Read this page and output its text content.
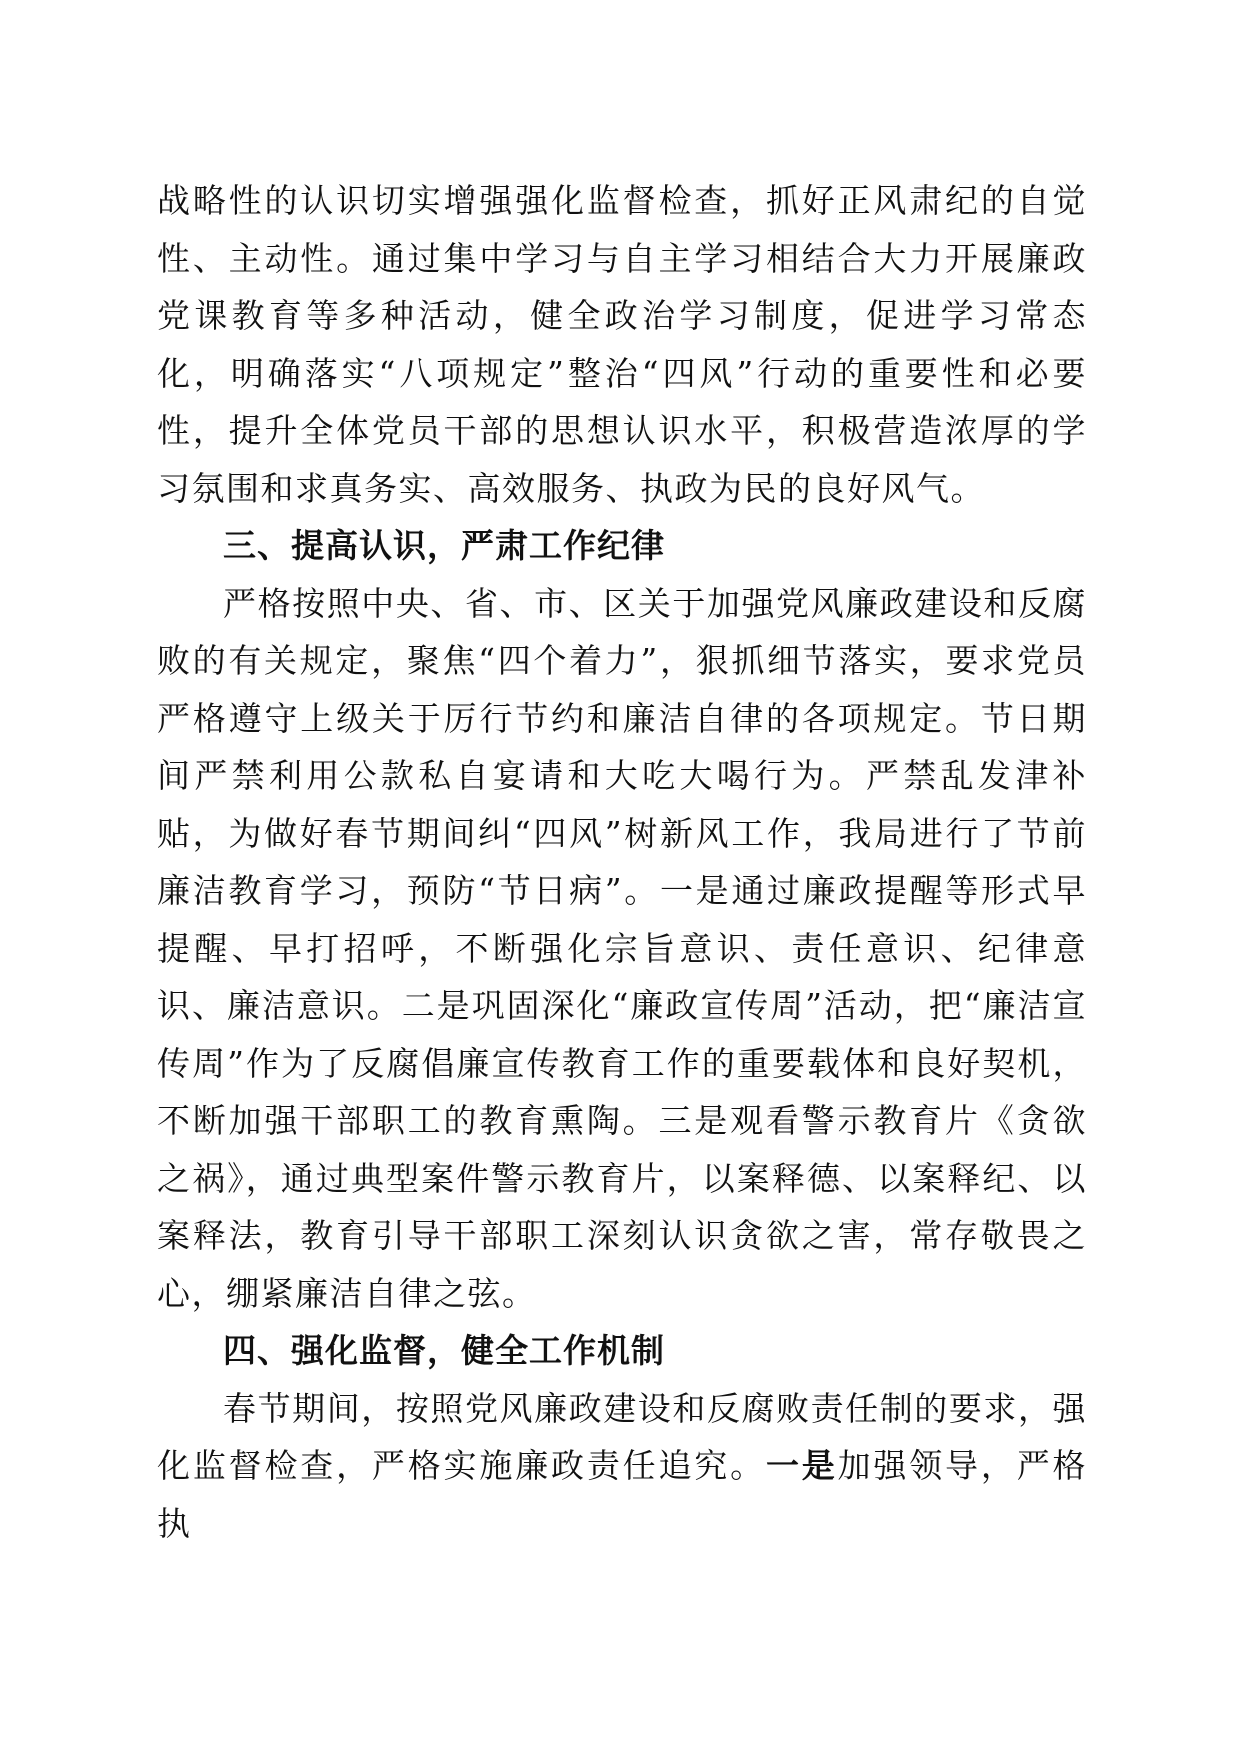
战略性的认识切实增强强化监督检查，抓好正风肃纪的自觉性、主动性。通过集中学习与自主学习相结合大力开展廉政党课教育等多种活动，健全政治学习制度，促进学习常态化，明确落实“八项规定”整治“四风”行动的重要性和必要性，提升全体党员干部的思想认识水平，积极营造浓厚的学习氛围和求真务实、高效服务、执政为民的良好风气。

三、提高认识，严肃工作纪律

严格按照中央、省、市、区关于加强党风廉政建设和反腐败的有关规定，聚焦“四个着力”，狠抓细节落实，要求党员严格遵守上级关于厉行节约和廉洁自律的各项规定。节日期间严禁利用公款私自宴请和大吃大喝行为。严禁乱发津补贴，为做好春节期间纠“四风”树新风工作，我局进行了节前廉洁教育学习，预防“节日病”。一是通过廉政提醒等形式早提醒、早打招呼，不断强化宗旨意识、责任意识、纪律意识、廉洁意识。二是巩固深化“廉政宣传周”活动，把“廉洁宣传周”作为了反腐倡廉宣传教育工作的重要载体和良好契机，不断加强干部职工的教育熏陶。三是观看警示教育片《贪欲之祸》，通过典型案件警示教育片，以案释德、以案释纪、以案释法，教育引导干部职工深刻认识贪欲之害，常存敬畏之心，绷紧廉洁自律之弦。

四、强化监督，健全工作机制

春节期间，按照党风廉政建设和反腐败责任制的要求，强化监督检查，严格实施廉政责任追究。一是加强领导，严格执
